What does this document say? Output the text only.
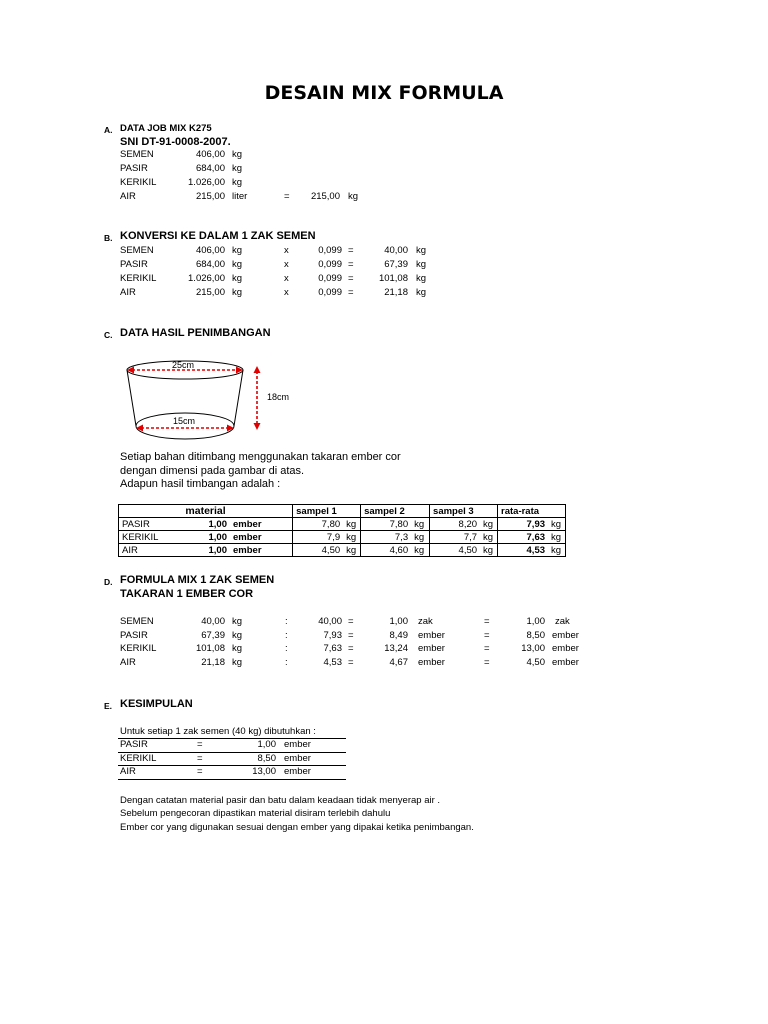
DESAIN MIX FORMULA
A. DATA JOB MIX K275
SNI DT-91-0008-2007.
SEMEN	406,00 kg
PASIR	684,00 kg
KERIKIL	1.026,00 kg
AIR	215,00 liter	=	215,00 kg
B. KONVERSI KE DALAM 1 ZAK SEMEN
SEMEN	406,00 kg	x	0,099 =	40,00 kg
PASIR	684,00 kg	x	0,099 =	67,39 kg
KERIKIL	1.026,00 kg	x	0,099 =	101,08 kg
AIR	215,00 kg	x	0,099 =	21,18 kg
C. DATA HASIL PENIMBANGAN
25cm
15cm
18cm
Setiap bahan ditimbang menggunakan takaran ember cor
dengan dimensi pada gambar di atas.
Adapun hasil timbangan adalah :
material	sampel 1	sampel 2	sampel 3	rata-rata
PASIR 1,00 ember	7,80 kg	7,80 kg	8,20 kg	7,93 kg
KERIKIL 1,00 ember	7,9 kg	7,3 kg	7,7 kg	7,63 kg
AIR 1,00 ember	4,50 kg	4,60 kg	4,50 kg	4,53 kg
D. FORMULA MIX 1 ZAK SEMEN
TAKARAN 1 EMBER COR
SEMEN	40,00 kg	:	40,00 =	1,00 zak	=	1,00 zak
PASIR	67,39 kg	:	7,93 =	8,49 ember	=	8,50 ember
KERIKIL	101,08 kg	:	7,63 =	13,24 ember	=	13,00 ember
AIR	21,18 kg	:	4,53 =	4,67 ember	=	4,50 ember
E. KESIMPULAN
Untuk setiap 1 zak semen (40 kg) dibutuhkan :
PASIR	=	1,00 ember
KERIKIL	=	8,50 ember
AIR	=	13,00 ember
Dengan catatan material pasir dan batu dalam keadaan tidak menyerap air .
Sebelum pengecoran dipastikan material disiram terlebih dahulu
Ember cor yang digunakan sesuai dengan ember yang dipakai ketika penimbangan.
